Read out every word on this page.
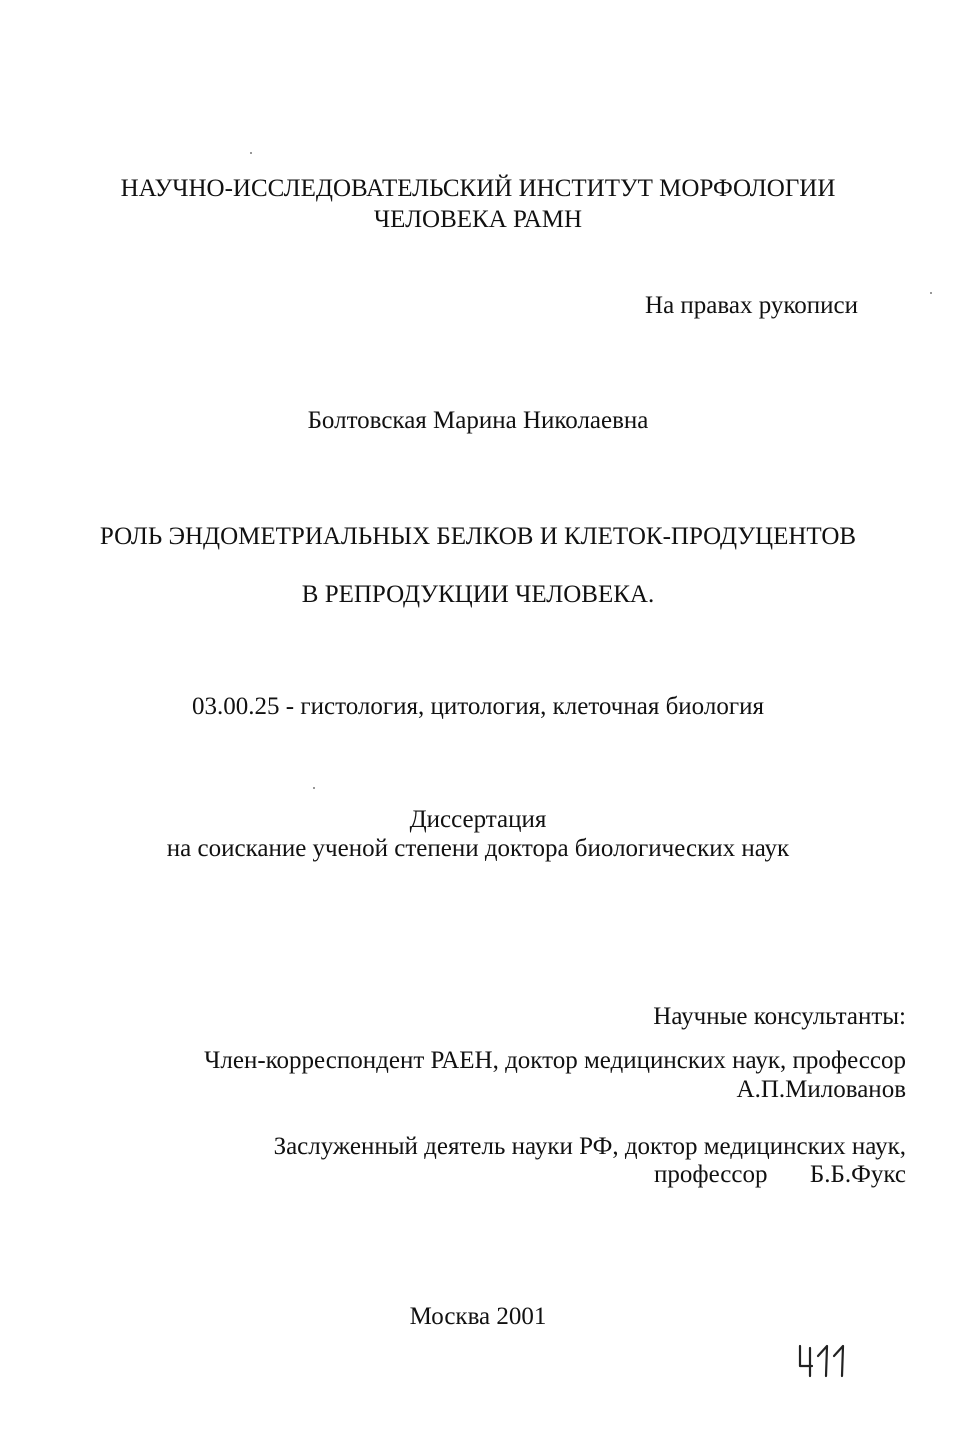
НАУЧНО-ИССЛЕДОВАТЕЛЬСКИЙ ИНСТИТУТ МОРФОЛОГИИ
ЧЕЛОВЕКА РАМН
На правах рукописи
Болтовская Марина Николаевна
РОЛЬ ЭНДОМЕТРИАЛЬНЫХ БЕЛКОВ И КЛЕТОК-ПРОДУЦЕНТОВ
В РЕПРОДУКЦИИ ЧЕЛОВЕКА.
03.00.25 - гистология, цитология, клеточная биология
Диссертация
на соискание ученой степени доктора биологических наук
Научные консультанты:
Член-корреспондент РАЕН, доктор медицинских наук, профессор
А.П.Милованов
Заслуженный деятель науки РФ, доктор медицинских наук,
профессор Б.Б.Фукс
Москва 2001
